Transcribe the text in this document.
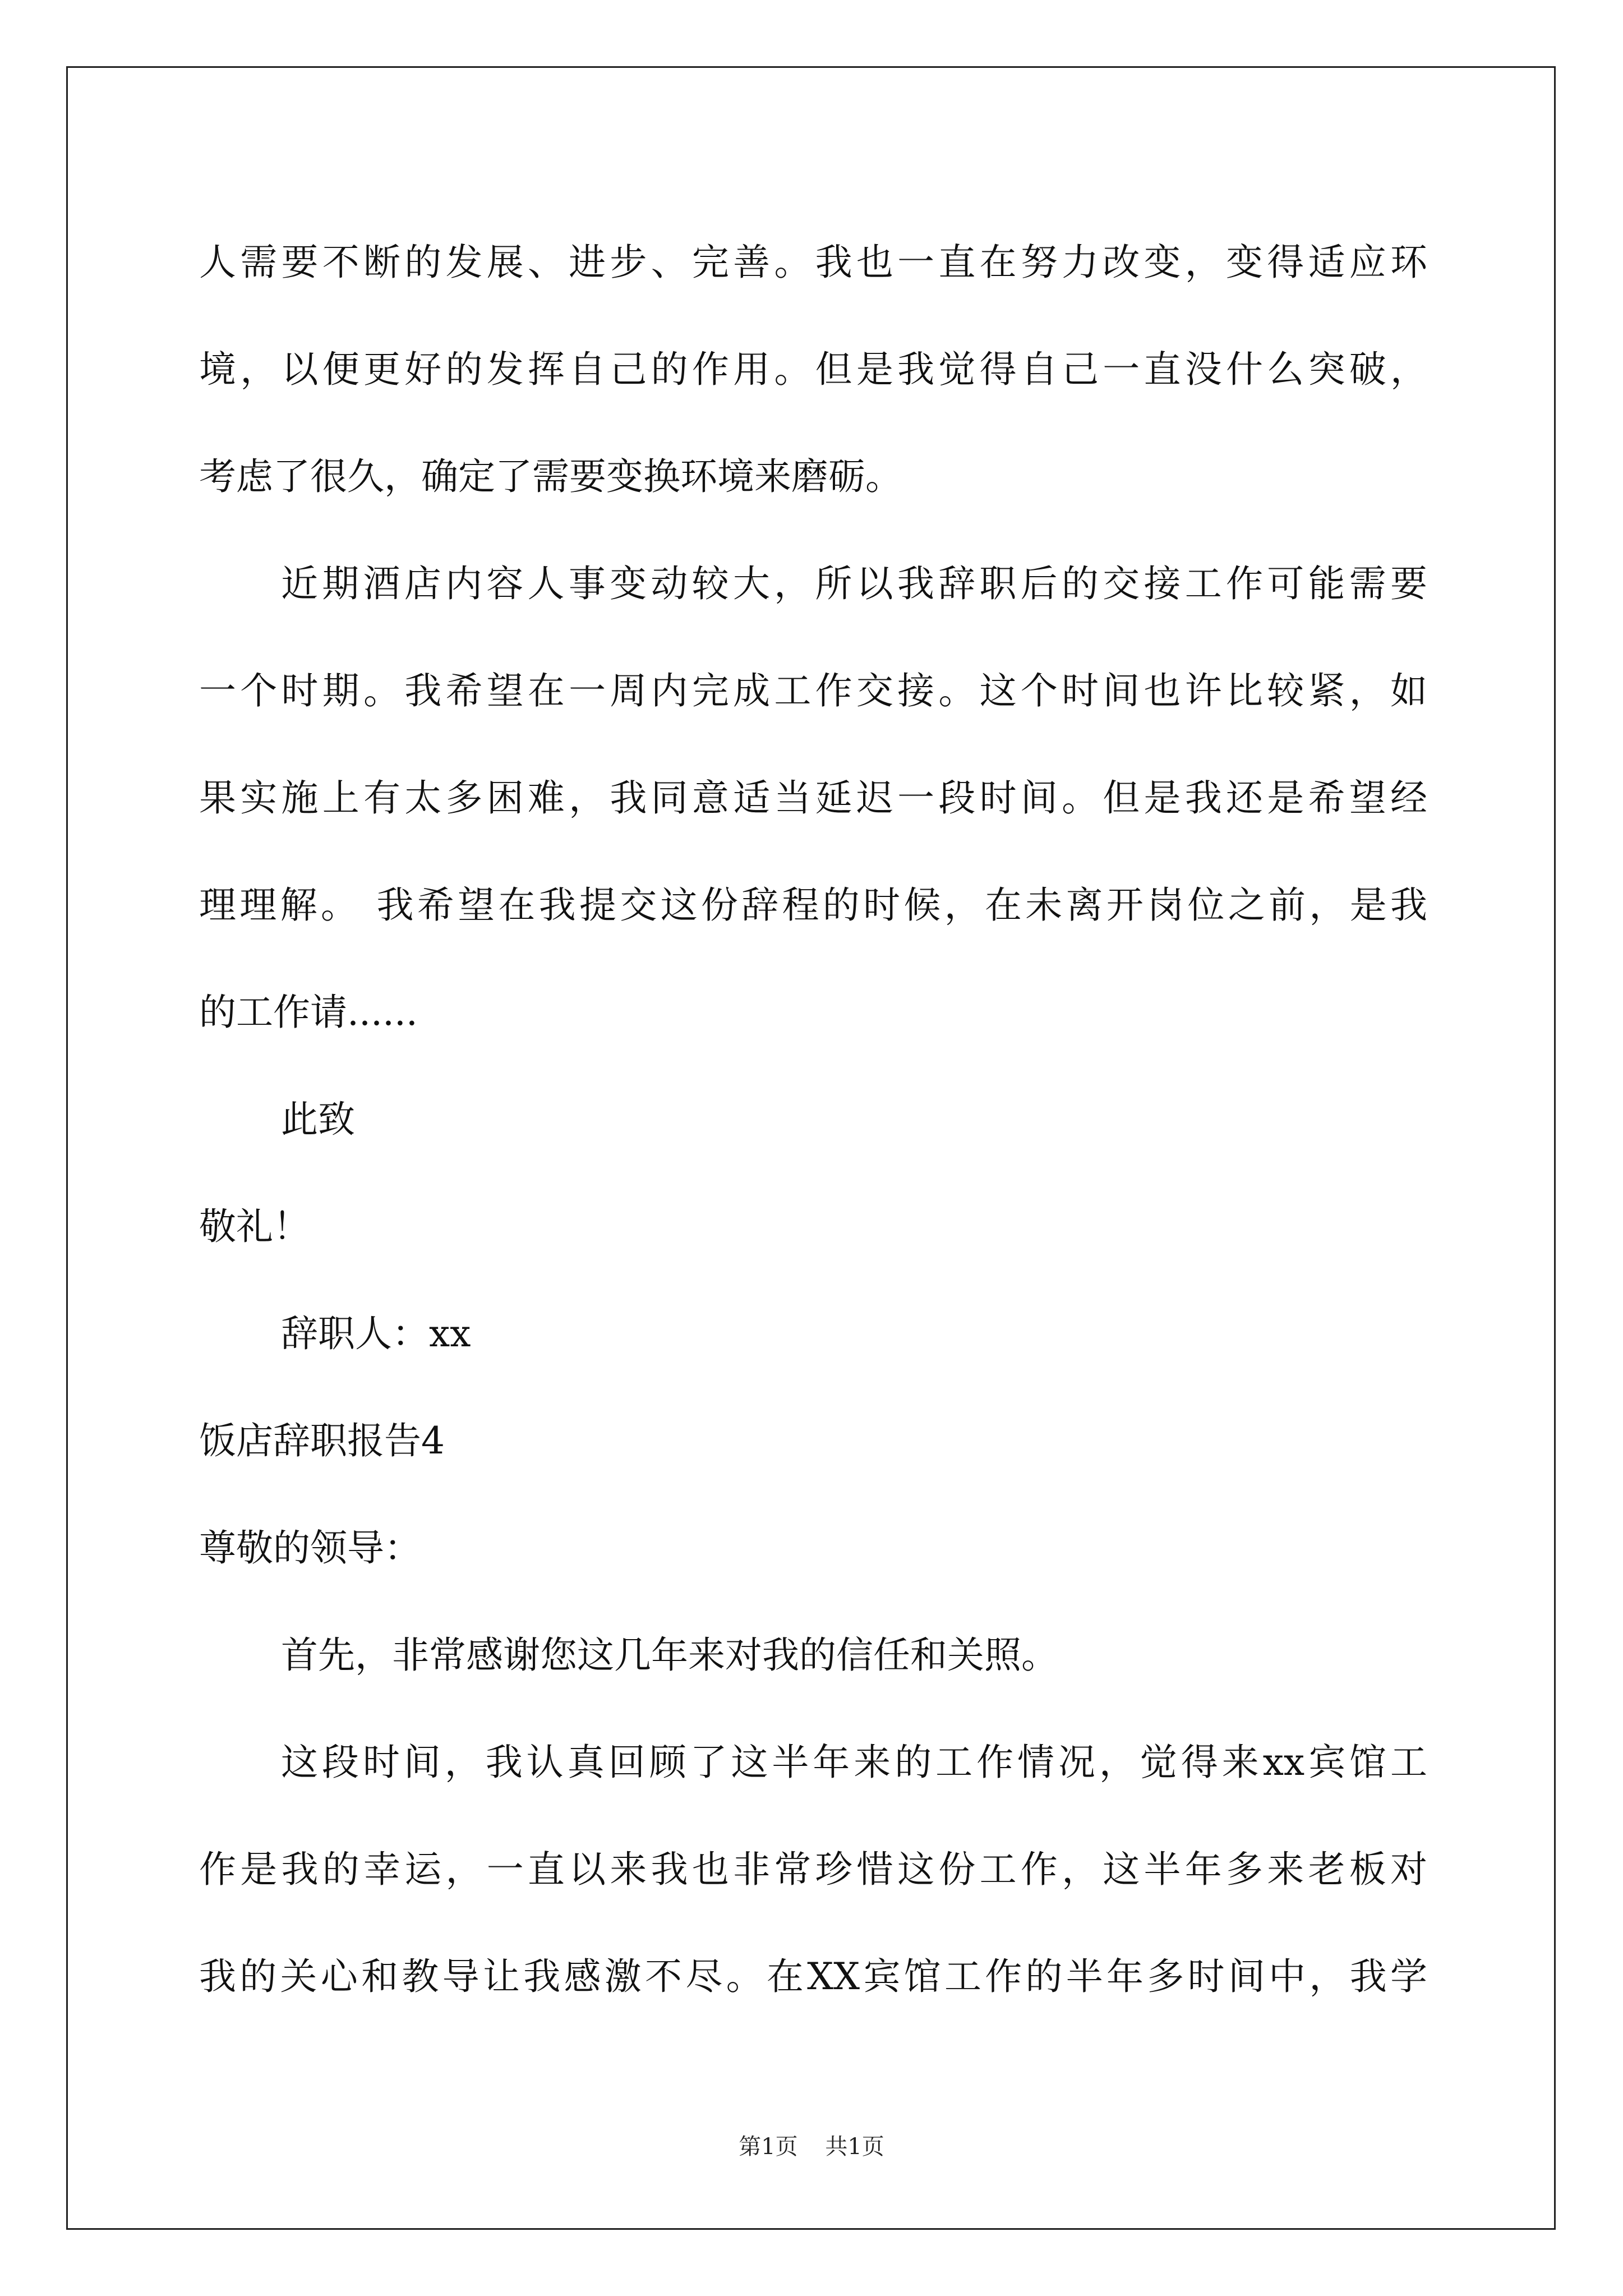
人需要不断的发展、进步、完善。我也一直在努力改变，变得适应环
境，以便更好的发挥自己的作用。但是我觉得自己一直没什么突破，
考虑了很久，确定了需要变换环境来磨砺。
近期酒店内容人事变动较大，所以我辞职后的交接工作可能需要
一个时期。我希望在一周内完成工作交接。这个时间也许比较紧，如
果实施上有太多困难，我同意适当延迟一段时间。但是我还是希望经
理理解。 我希望在我提交这份辞程的时候，在未离开岗位之前，是我
的工作请......
此致
敬礼！
辞职人：xx
饭店辞职报告4
尊敬的领导：
首先，非常感谢您这几年来对我的信任和关照。
这段时间，我认真回顾了这半年来的工作情况，觉得来xx宾馆工
作是我的幸运，一直以来我也非常珍惜这份工作，这半年多来老板对
我的关心和教导让我感激不尽。在XX宾馆工作的半年多时间中，我学
第1页 共1页
